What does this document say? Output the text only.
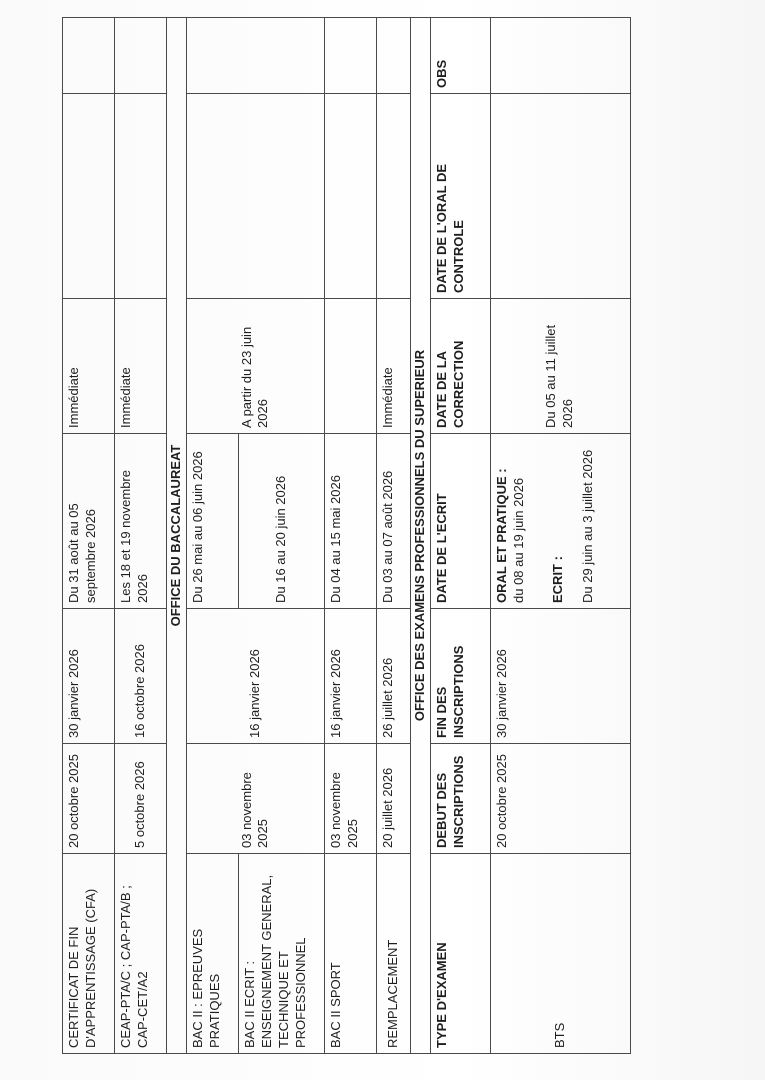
CERTIFICAT DE FIN D'APPRENTISSAGE (CFA)	20 octobre 2025	30 janvier 2026	Du 31 août au 05 septembre 2026	Immédiate		
CEAP-PTA/C ; CAP-PTA/B ; CAP-CET/A2	5 octobre 2026	16 octobre 2026	Les 18 et 19 novembre 2026	Immédiate		
OFFICE DU BACCALAUREAT						
BAC II : EPREUVES PRATIQUES	03 novembre 2025	16 janvier 2026	Du 26 mai au 06 juin 2026	A partir du 23 juin 2026		
BAC II ECRIT : ENSEIGNEMENT GENERAL, TECHNIQUE ET PROFESSIONNEL			Du 16 au 20 juin 2026			
BAC II SPORT	03 novembre 2025	16 janvier 2026	Du 04 au 15 mai 2026			
REMPLACEMENT	20 juillet 2026	26 juillet 2026	Du 03 au 07 août 2026	Immédiate		
OFFICE DES EXAMENS PROFESSIONNELS DU SUPERIEUR						
TYPE D'EXAMEN	DEBUT DES INSCRIPTIONS	FIN DES INSCRIPTIONS	DATE DE L'ECRIT	DATE DE LA CORRECTION	DATE DE L'ORAL DE CONTROLE	OBS
BTS	20 octobre 2025	30 janvier 2026	ORAL ET PRATIQUE : du 08 au 19 juin 2026 ECRIT : Du 29 juin au 3 juillet 2026	Du 05 au 11 juillet 2026		
